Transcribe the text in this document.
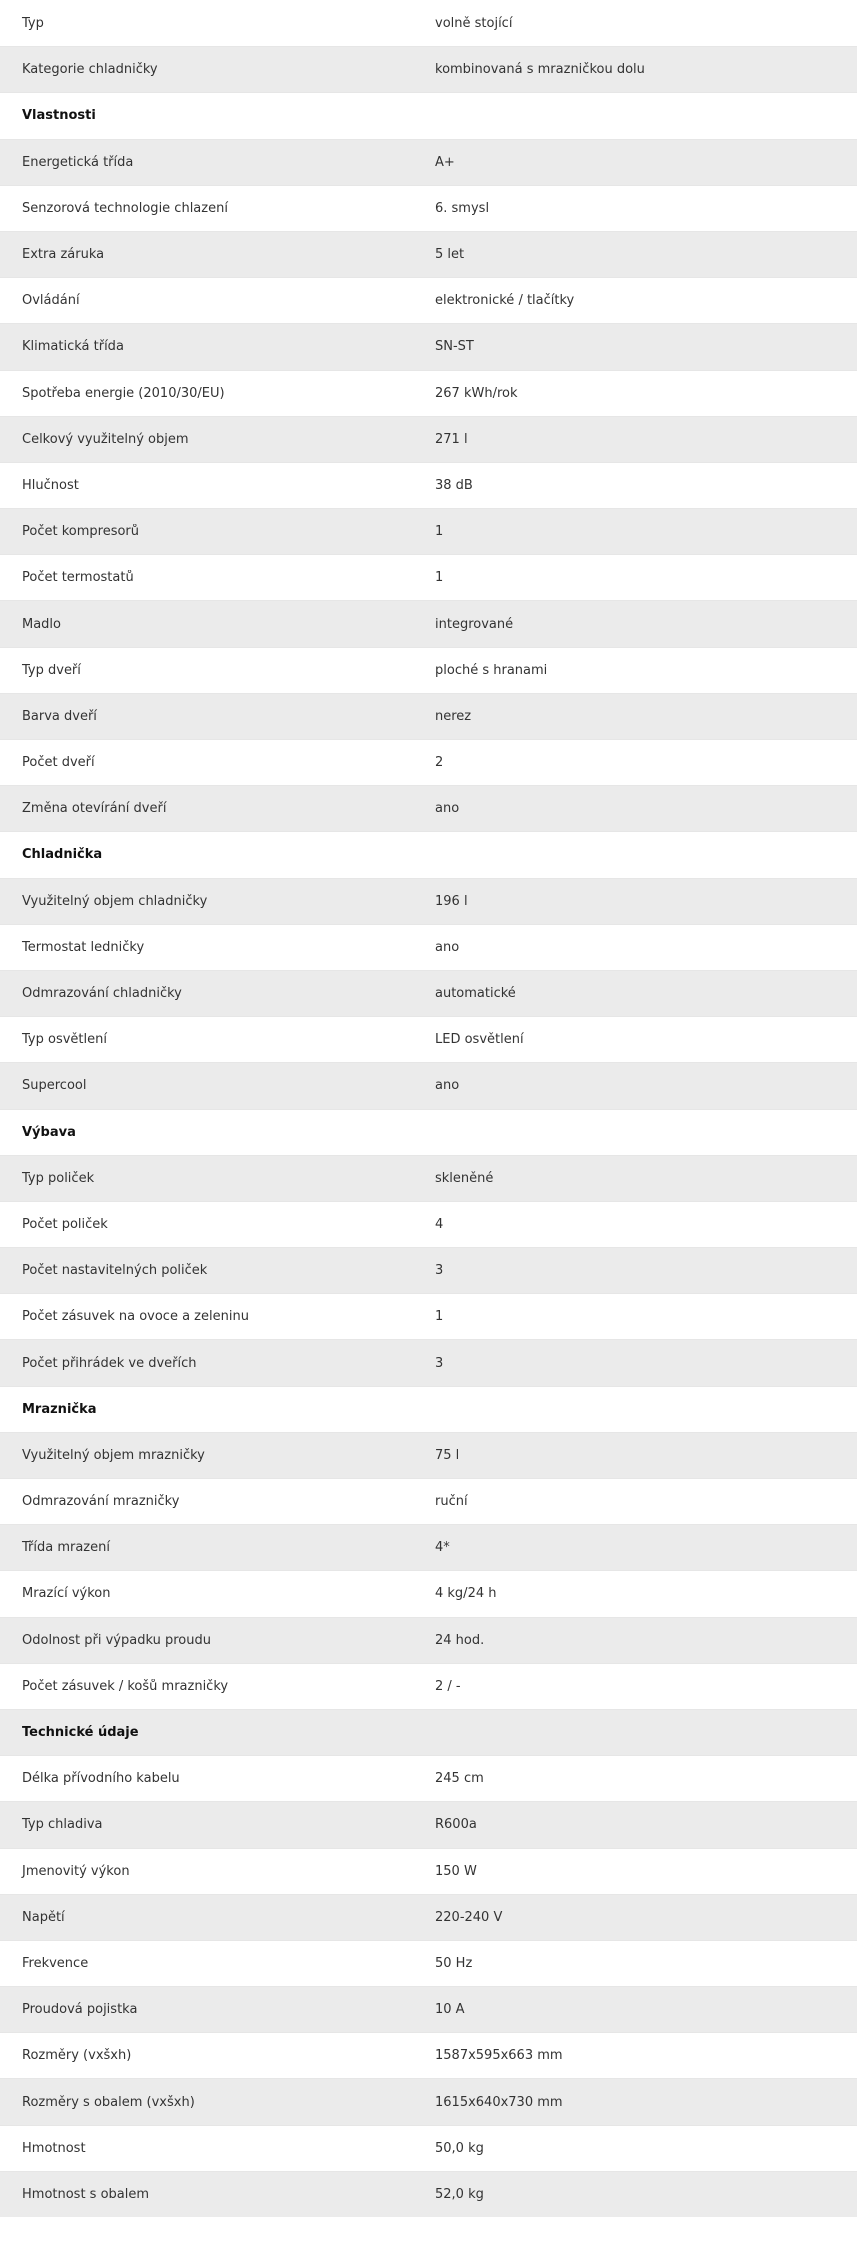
Typ	volně stojící
Kategorie chladničky	kombinovaná s mrazničkou dolu
Vlastnosti
Energetická třída	A+
Senzorová technologie chlazení	6. smysl
Extra záruka	5 let
Ovládání	elektronické / tlačítky
Klimatická třída	SN-ST
Spotřeba energie (2010/30/EU)	267 kWh/rok
Celkový využitelný objem	271 l
Hlučnost	38 dB
Počet kompresorů	1
Počet termostatů	1
Madlo	integrované
Typ dveří	ploché s hranami
Barva dveří	nerez
Počet dveří	2
Změna otevírání dveří	ano
Chladnička
Využitelný objem chladničky	196 l
Termostat ledničky	ano
Odmrazování chladničky	automatické
Typ osvětlení	LED osvětlení
Supercool	ano
Výbava
Typ poliček	skleněné
Počet poliček	4
Počet nastavitelných poliček	3
Počet zásuvek na ovoce a zeleninu	1
Počet přihrádek ve dveřích	3
Mraznička
Využitelný objem mrazničky	75 l
Odmrazování mrazničky	ruční
Třída mrazení	4*
Mrazící výkon	4 kg/24 h
Odolnost při výpadku proudu	24 hod.
Počet zásuvek / košů mrazničky	2 / -
Technické údaje
Délka přívodního kabelu	245 cm
Typ chladiva	R600a
Jmenovitý výkon	150 W
Napětí	220-240 V
Frekvence	50 Hz
Proudová pojistka	10 A
Rozměry (vxšxh)	1587x595x663 mm
Rozměry s obalem (vxšxh)	1615x640x730 mm
Hmotnost	50,0 kg
Hmotnost s obalem	52,0 kg
